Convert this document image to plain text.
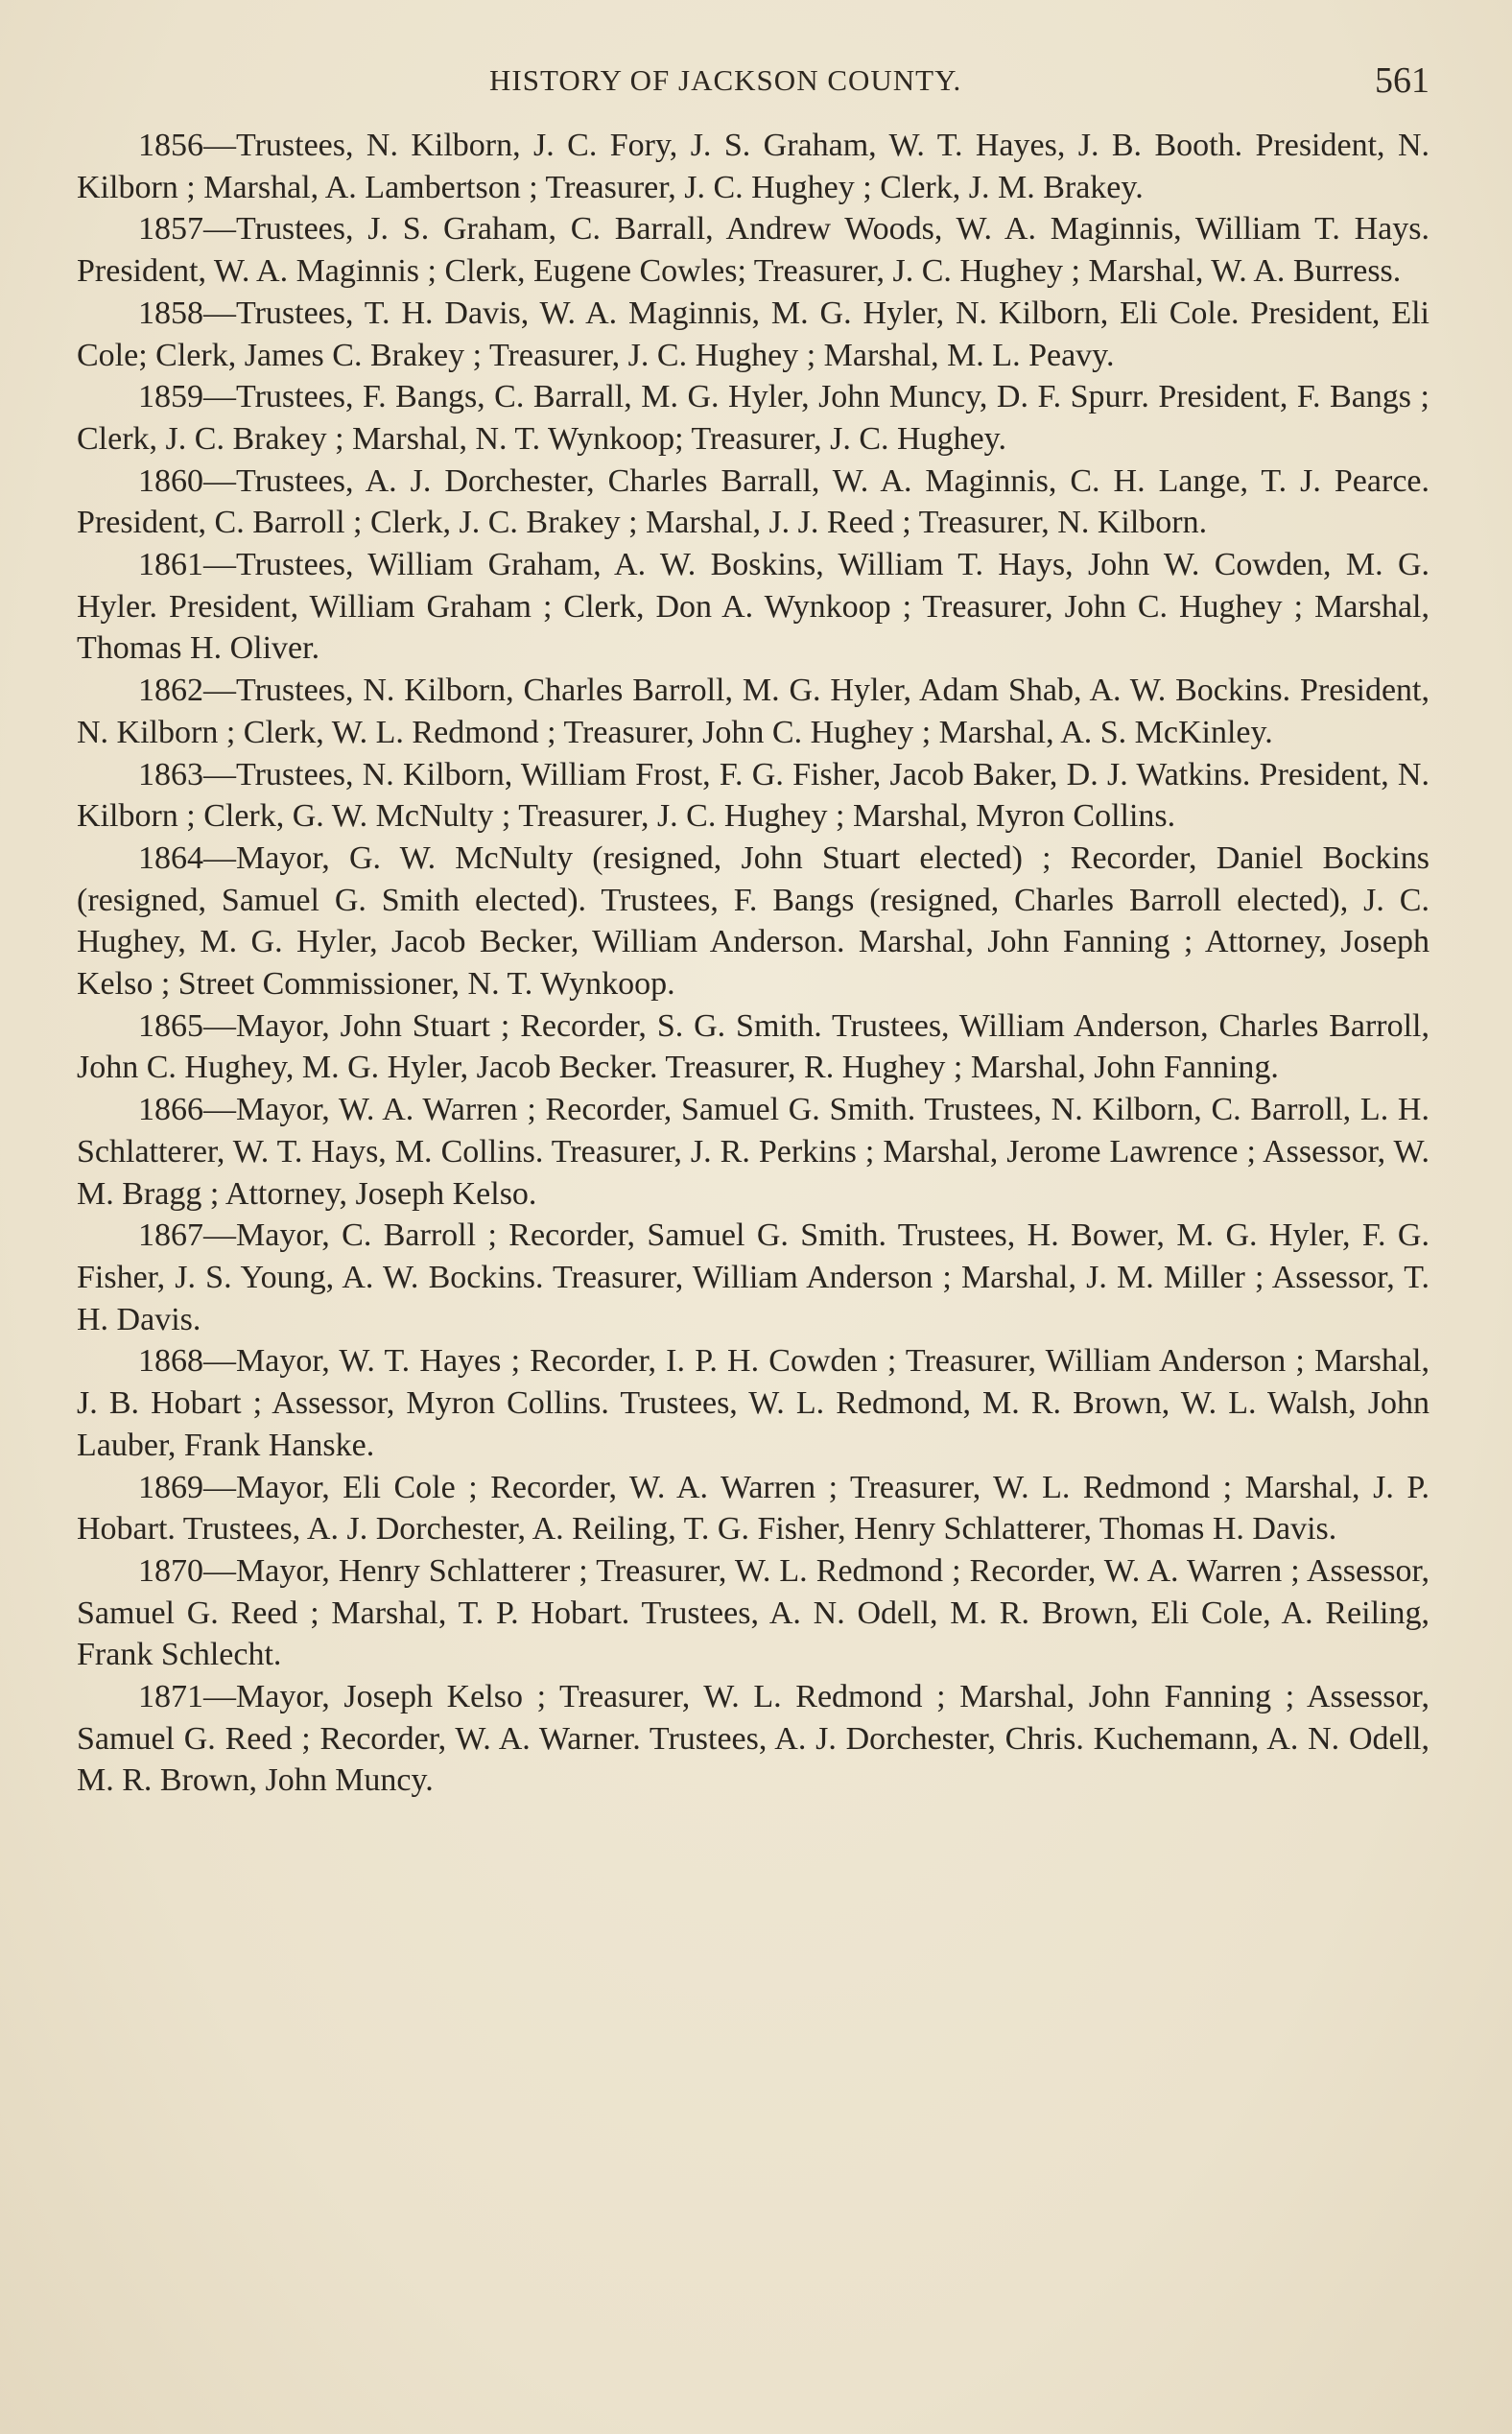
HISTORY OF JACKSON COUNTY.	561

1856—Trustees, N. Kilborn, J. C. Fory, J. S. Graham, W. T. Hayes, J. B. Booth. President, N. Kilborn ; Marshal, A. Lambertson ; Treasurer, J. C. Hughey ; Clerk, J. M. Brakey.

1857—Trustees, J. S. Graham, C. Barrall, Andrew Woods, W. A. Maginnis, William T. Hays. President, W. A. Maginnis ; Clerk, Eugene Cowles; Treasurer, J. C. Hughey ; Marshal, W. A. Burress.

1858—Trustees, T. H. Davis, W. A. Maginnis, M. G. Hyler, N. Kilborn, Eli Cole. President, Eli Cole; Clerk, James C. Brakey ; Treasurer, J. C. Hughey ; Marshal, M. L. Peavy.

1859—Trustees, F. Bangs, C. Barrall, M. G. Hyler, John Muncy, D. F. Spurr. President, F. Bangs ; Clerk, J. C. Brakey ; Marshal, N. T. Wynkoop; Treasurer, J. C. Hughey.

1860—Trustees, A. J. Dorchester, Charles Barrall, W. A. Maginnis, C. H. Lange, T. J. Pearce. President, C. Barroll ; Clerk, J. C. Brakey ; Marshal, J. J. Reed ; Treasurer, N. Kilborn.

1861—Trustees, William Graham, A. W. Boskins, William T. Hays, John W. Cowden, M. G. Hyler. President, William Graham ; Clerk, Don A. Wynkoop ; Treasurer, John C. Hughey ; Marshal, Thomas H. Oliver.

1862—Trustees, N. Kilborn, Charles Barroll, M. G. Hyler, Adam Shab, A. W. Bockins. President, N. Kilborn ; Clerk, W. L. Redmond ; Treasurer, John C. Hughey ; Marshal, A. S. McKinley.

1863—Trustees, N. Kilborn, William Frost, F. G. Fisher, Jacob Baker, D. J. Watkins. President, N. Kilborn ; Clerk, G. W. McNulty ; Treasurer, J. C. Hughey ; Marshal, Myron Collins.

1864—Mayor, G. W. McNulty (resigned, John Stuart elected) ; Recorder, Daniel Bockins (resigned, Samuel G. Smith elected). Trustees, F. Bangs (resigned, Charles Barroll elected), J. C. Hughey, M. G. Hyler, Jacob Becker, William Anderson. Marshal, John Fanning ; Attorney, Joseph Kelso ; Street Commissioner, N. T. Wynkoop.

1865—Mayor, John Stuart ; Recorder, S. G. Smith. Trustees, William Anderson, Charles Barroll, John C. Hughey, M. G. Hyler, Jacob Becker. Treasurer, R. Hughey ; Marshal, John Fanning.

1866—Mayor, W. A. Warren ; Recorder, Samuel G. Smith. Trustees, N. Kilborn, C. Barroll, L. H. Schlatterer, W. T. Hays, M. Collins. Treasurer, J. R. Perkins ; Marshal, Jerome Lawrence ; Assessor, W. M. Bragg ; Attorney, Joseph Kelso.

1867—Mayor, C. Barroll ; Recorder, Samuel G. Smith. Trustees, H. Bower, M. G. Hyler, F. G. Fisher, J. S. Young, A. W. Bockins. Treasurer, William Anderson ; Marshal, J. M. Miller ; Assessor, T. H. Davis.

1868—Mayor, W. T. Hayes ; Recorder, I. P. H. Cowden ; Treasurer, William Anderson ; Marshal, J. B. Hobart ; Assessor, Myron Collins. Trustees, W. L. Redmond, M. R. Brown, W. L. Walsh, John Lauber, Frank Hanske.

1869—Mayor, Eli Cole ; Recorder, W. A. Warren ; Treasurer, W. L. Redmond ; Marshal, J. P. Hobart. Trustees, A. J. Dorchester, A. Reiling, T. G. Fisher, Henry Schlatterer, Thomas H. Davis.

1870—Mayor, Henry Schlatterer ; Treasurer, W. L. Redmond ; Recorder, W. A. Warren ; Assessor, Samuel G. Reed ; Marshal, T. P. Hobart. Trustees, A. N. Odell, M. R. Brown, Eli Cole, A. Reiling, Frank Schlecht.

1871—Mayor, Joseph Kelso ; Treasurer, W. L. Redmond ; Marshal, John Fanning ; Assessor, Samuel G. Reed ; Recorder, W. A. Warner. Trustees, A. J. Dorchester, Chris. Kuchemann, A. N. Odell, M. R. Brown, John Muncy.
